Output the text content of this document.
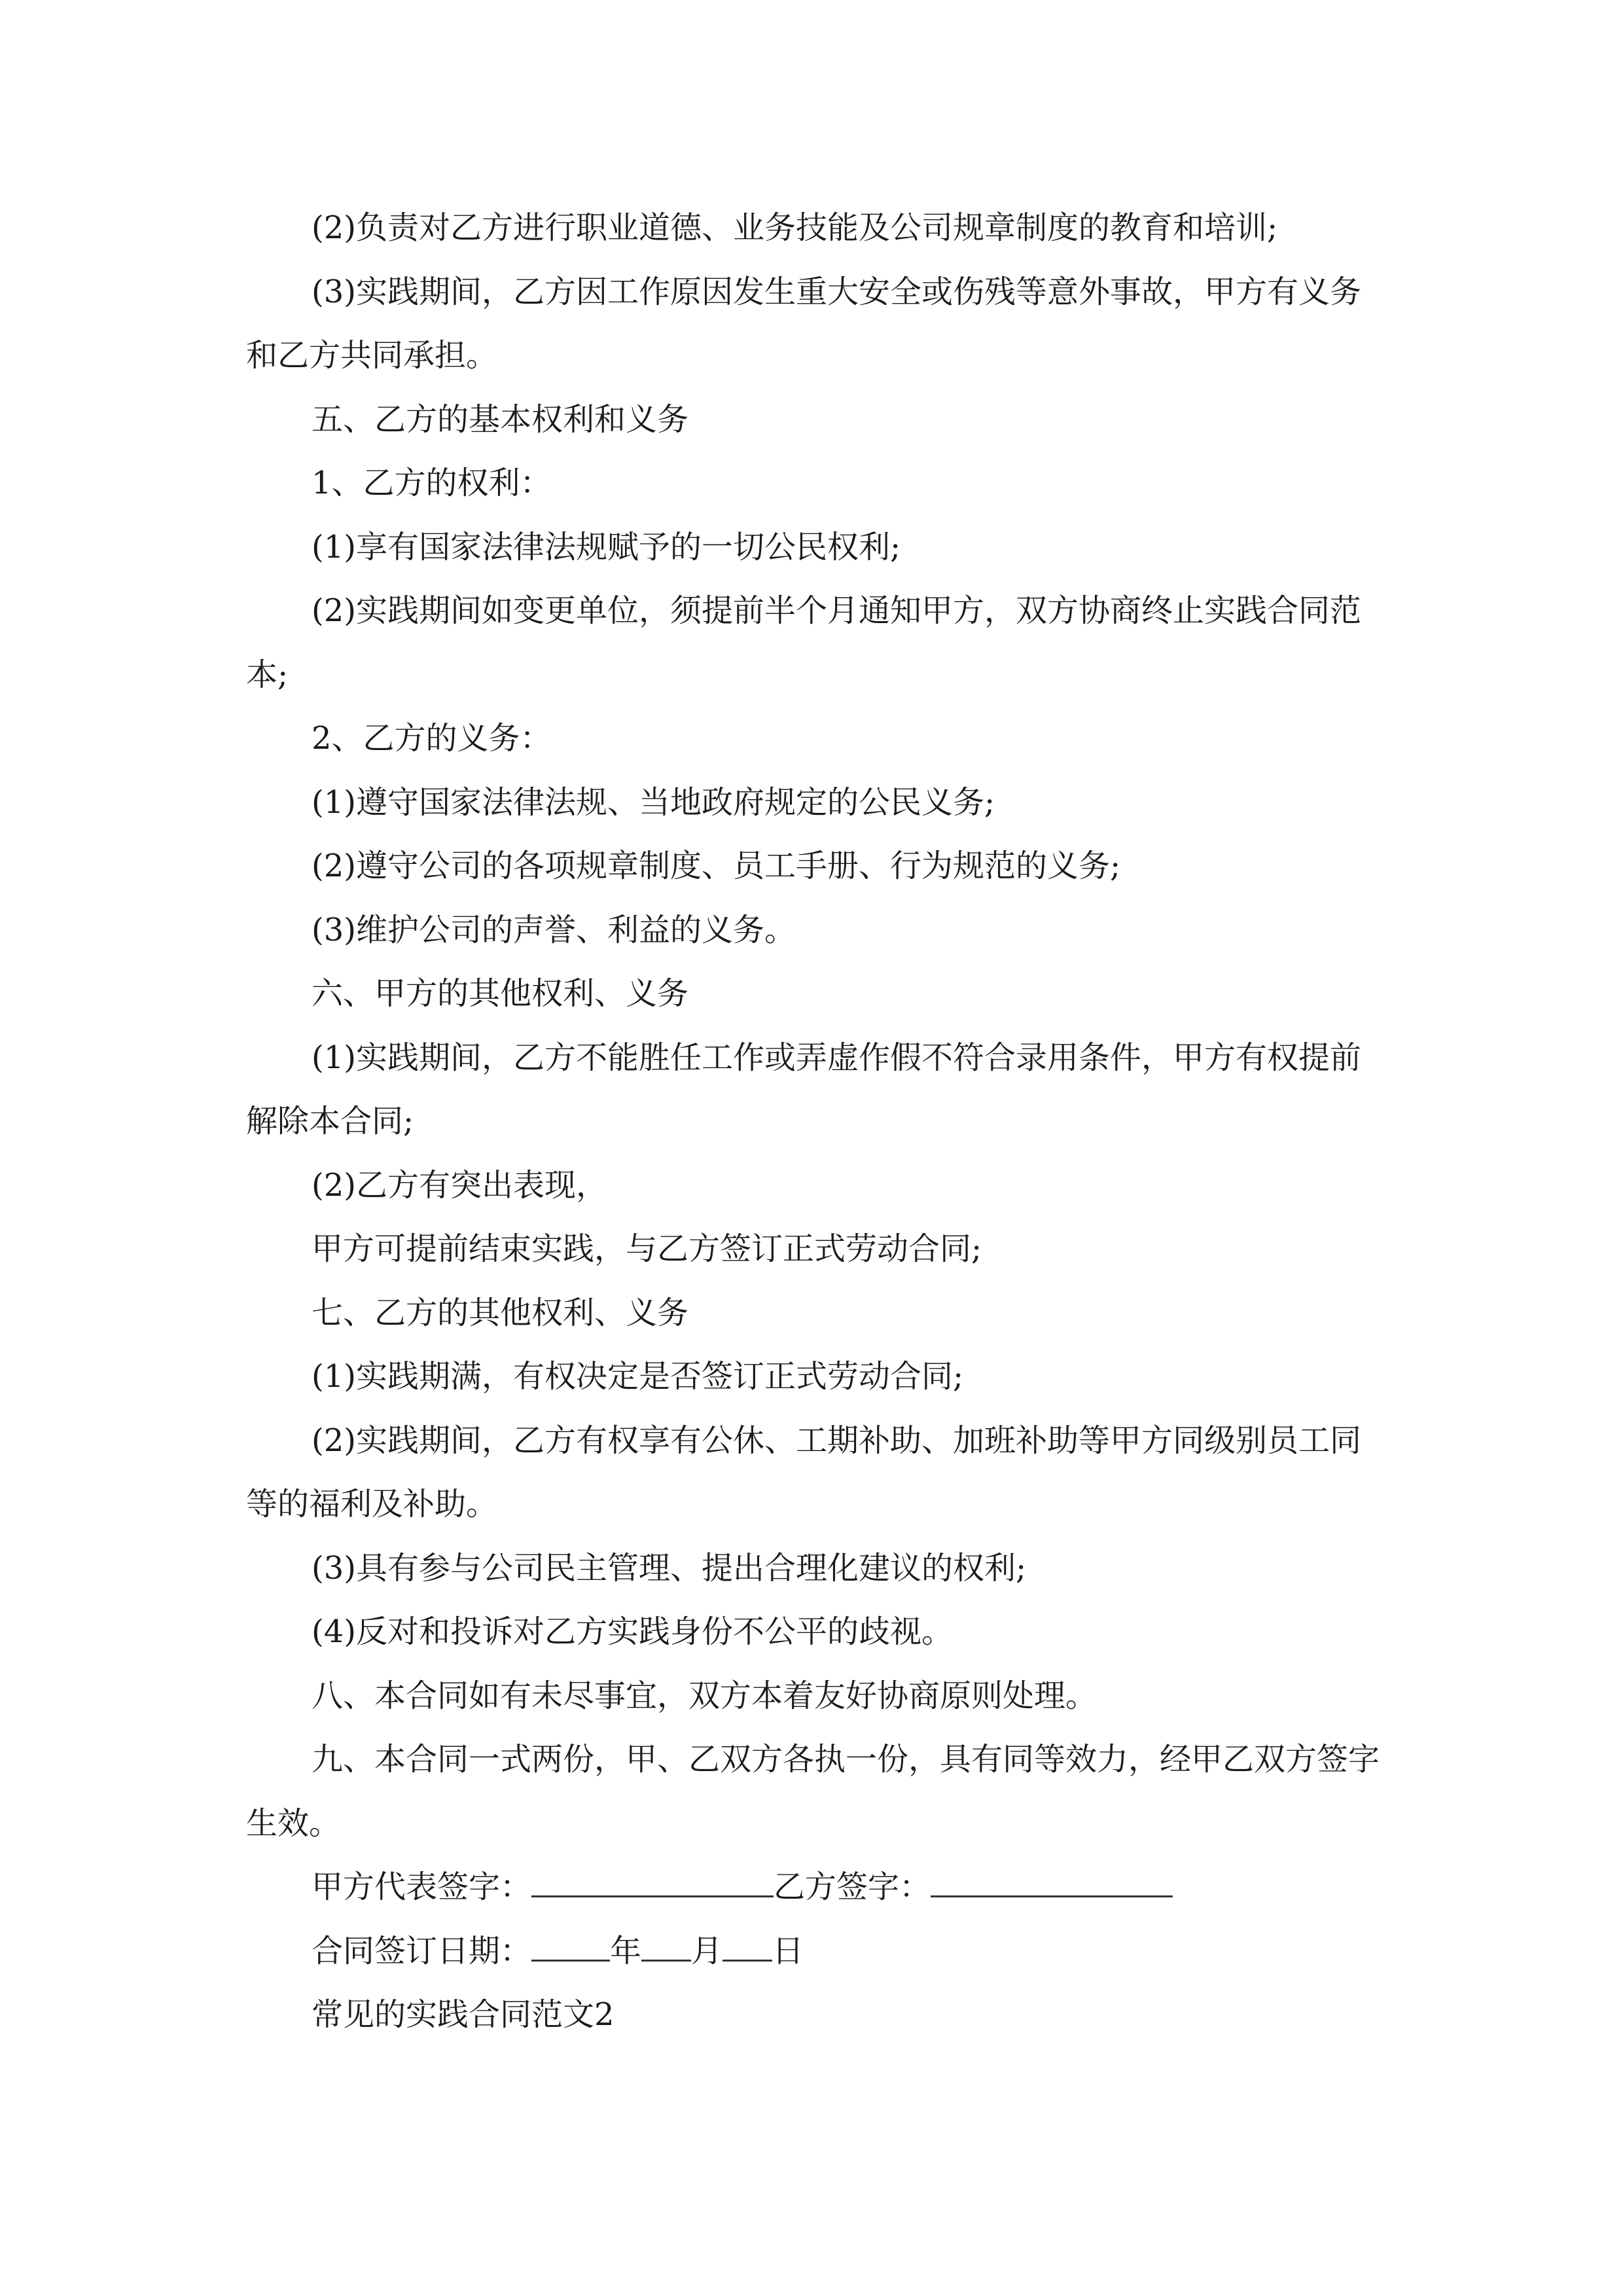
(2)负责对乙方进行职业道德、业务技能及公司规章制度的教育和培训;

(3)实践期间，乙方因工作原因发生重大安全或伤残等意外事故，甲方有义务和乙方共同承担。

五、乙方的基本权利和义务

1、乙方的权利：

(1)享有国家法律法规赋予的一切公民权利;

(2)实践期间如变更单位，须提前半个月通知甲方，双方协商终止实践合同范本;

2、乙方的义务：

(1)遵守国家法律法规、当地政府规定的公民义务;

(2)遵守公司的各项规章制度、员工手册、行为规范的义务;

(3)维护公司的声誉、利益的义务。

六、甲方的其他权利、义务

(1)实践期间，乙方不能胜任工作或弄虚作假不符合录用条件，甲方有权提前解除本合同;

(2)乙方有突出表现，

甲方可提前结束实践，与乙方签订正式劳动合同;

七、乙方的其他权利、义务

(1)实践期满，有权决定是否签订正式劳动合同;

(2)实践期间，乙方有权享有公休、工期补助、加班补助等甲方同级别员工同等的福利及补助。

(3)具有参与公司民主管理、提出合理化建议的权利;

(4)反对和投诉对乙方实践身份不公平的歧视。

八、本合同如有未尽事宜，双方本着友好协商原则处理。

九、本合同一式两份，甲、乙双方各执一份，具有同等效力，经甲乙双方签字生效。

甲方代表签字：	乙方签字：

合同签订日期：	年 月 日

常见的实践合同范文2
